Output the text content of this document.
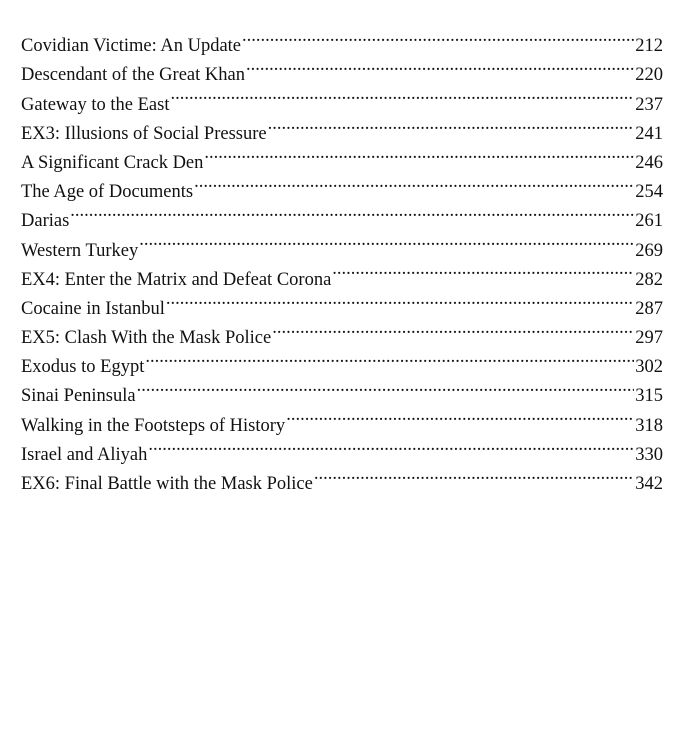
Covidian Victime: An Update .....	212
Descendant of the Great Khan .....	220
Gateway to the East .....	237
EX3: Illusions of Social Pressure .....	241
A Significant Crack Den .....	246
The Age of Documents .....	254
Darias .....	261
Western Turkey .....	269
EX4: Enter the Matrix and Defeat Corona .....	282
Cocaine in Istanbul .....	287
EX5: Clash With the Mask Police .....	297
Exodus to Egypt .....	302
Sinai Peninsula .....	315
Walking in the Footsteps of History .....	318
Israel and Aliyah .....	330
EX6: Final Battle with the Mask Police .....	342
